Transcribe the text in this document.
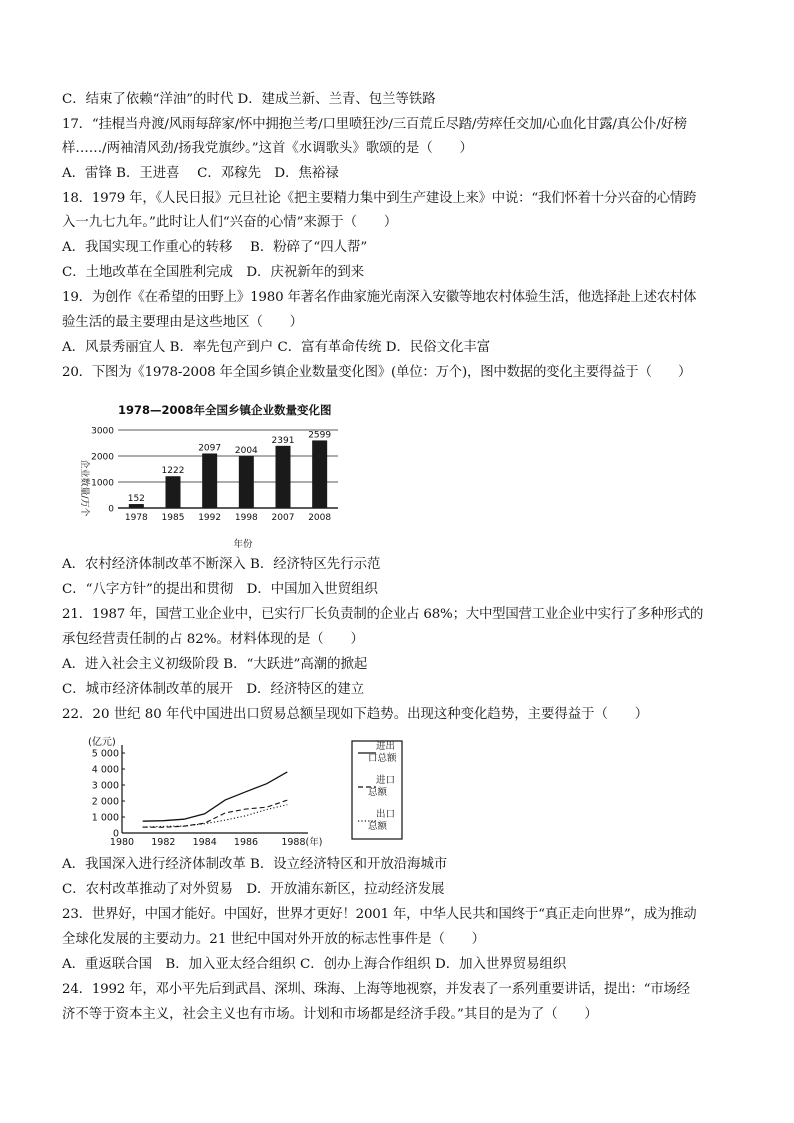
C．结束了依赖“洋油”的时代 D．建成兰新、兰青、包兰等铁路
17．“挂棍当舟渡/风雨每辞家/怀中拥抱兰考/口里喷狂沙/三百荒丘尽踏/劳瘁任交加/心血化甘露/真公仆/好榜
样……/两袖清风劲/扬我党旗纱。”这首《水调歌头》歌颂的是（　　）
A．雷锋 B．王进喜　 C．邓稼先　D．焦裕禄
18．1979 年，《人民日报》元旦社论《把主要精力集中到生产建设上来》中说：“我们怀着十分兴奋的心情跨
入一九七九年。”此时让人们“兴奋的心情”来源于（　　）
A．我国实现工作重心的转移　 B．粉碎了“四人帮”
C．土地改革在全国胜利完成　D．庆祝新年的到来
19．为创作《在希望的田野上》1980 年著名作曲家施光南深入安徽等地农村体验生活，他选择赴上述农村体
验生活的最主要理由是这些地区（　　）
A．风景秀丽宜人 B．率先包产到户 C．富有革命传统 D．民俗文化丰富
20．下图为《1978-2008 年全国乡镇企业数量变化图》(单位：万个)，图中数据的变化主要得益于（　　）
1978—2008年全国乡镇企业数量变化图
企业数量/万个
年份
0
1000
2000
3000
152
1222
2097 2004
2391
2599
1978 1985 1992 1998 2007 2008
A．农村经济体制改革不断深入 B．经济特区先行示范
C．“八字方针”的提出和贯彻　D．中国加入世贸组织
21．1987 年，国营工业企业中，已实行厂长负责制的企业占 68%；大中型国营工业企业中实行了多种形式的
承包经营责任制的占 82%。材料体现的是（　　）
A．进入社会主义初级阶段 B．“大跃进”高潮的掀起
C．城市经济体制改革的展开　D．经济特区的建立
22．20 世纪 80 年代中国进出口贸易总额呈现如下趋势。出现这种变化趋势，主要得益于（　　）
(亿元)
0
1 000
2 000
3 000
4 000
5 000
1980 1982 1984 1986 1988(年)
进出口总额
进口总额
出口总额
A．我国深入进行经济体制改革 B．设立经济特区和开放沿海城市
C．农村改革推动了对外贸易　D．开放浦东新区，拉动经济发展
23．世界好，中国才能好。中国好，世界才更好！2001 年，中华人民共和国终于“真正走向世界”，成为推动
全球化发展的主要动力。21 世纪中国对外开放的标志性事件是（　　）
A．重返联合国　B．加入亚太经合组织 C．创办上海合作组织 D．加入世界贸易组织
24．1992 年，邓小平先后到武昌、深圳、珠海、上海等地视察，并发表了一系列重要讲话，提出：“市场经
济不等于资本主义，社会主义也有市场。计划和市场都是经济手段。”其目的是为了（　　）
